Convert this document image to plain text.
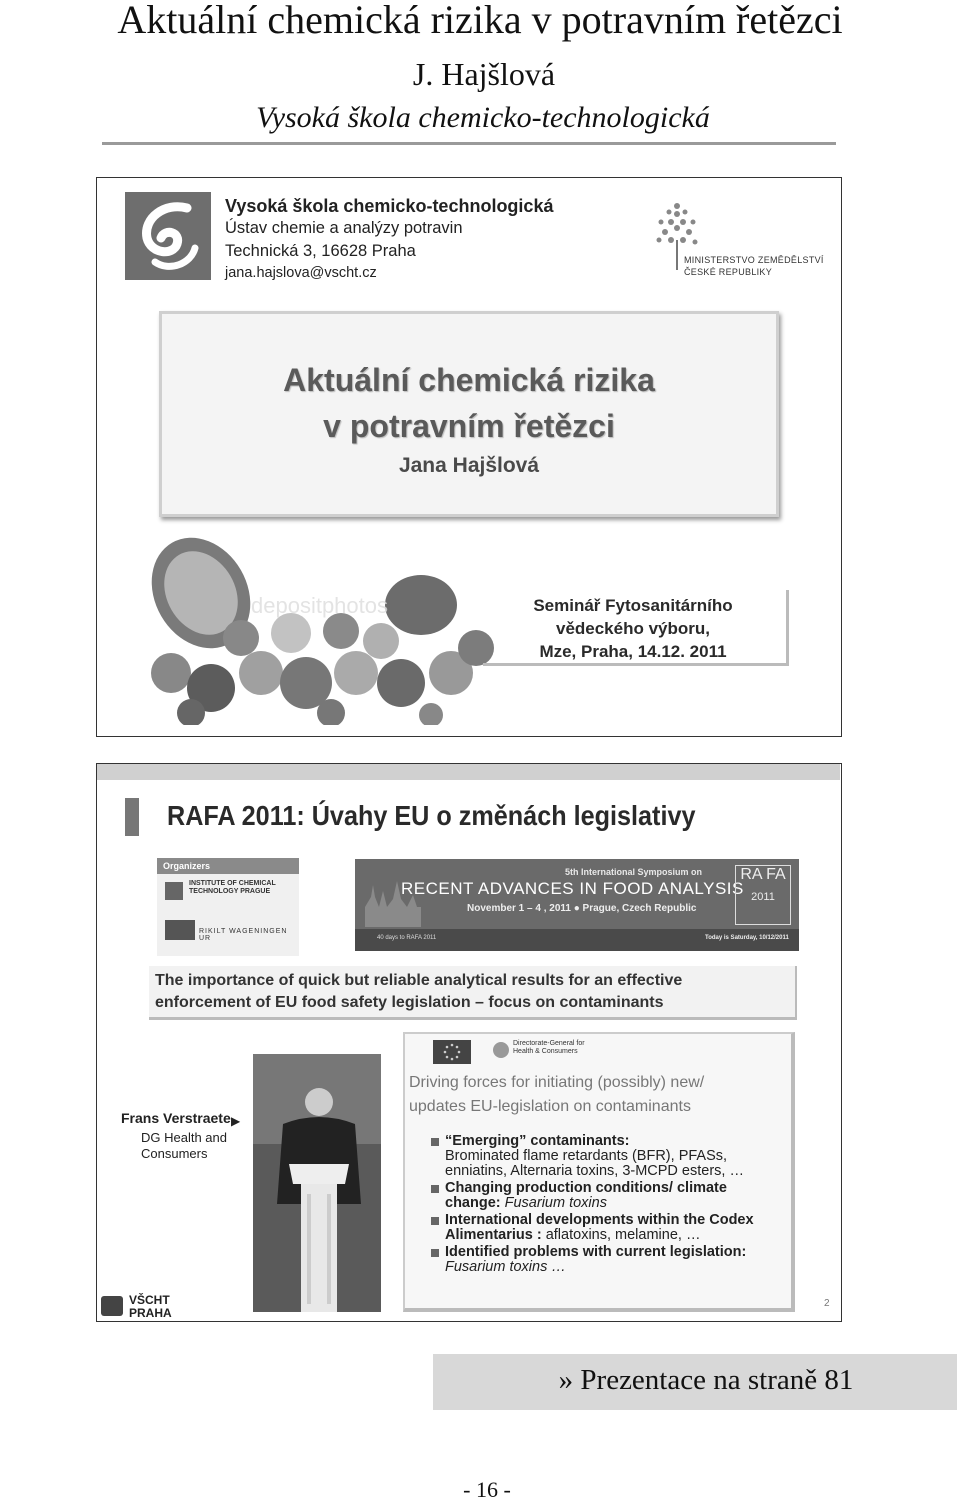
Aktuální chemická rizika v potravním řetězci
J. Hajšlová
Vysoká škola chemicko-technologická
Vysoká škola chemicko-technologická
Ústav chemie a analýzy potravin
Technická 3, 16628 Praha
jana.hajslova@vscht.cz
MINISTERSTVO ZEMĚDĚLSTVÍ
ČESKÉ REPUBLIKY
Aktuální chemická rizika
v potravním řetězci
Jana Hajšlová
depositphotos	Seminář Fytosanitárního
vědeckého výboru,
Mze, Praha, 14.12. 2011
RAFA 2011: Úvahy EU o změnách legislativy
Organizers
INSTITUTE OF CHEMICAL TECHNOLOGY PRAGUE
RIKILT WAGENINGEN UR
5th International Symposium on
RECENT ADVANCES IN FOOD ANALYSIS
November 1 – 4 , 2011 ● Prague, Czech Republic
40 days to RAFA 2011	Today is Saturday, 10/12/2011
RA FA
2011
The importance of quick but reliable analytical results for an effective
enforcement of EU food safety legislation – focus on contaminants
Frans Verstraete ▶
DG Health and
Consumers
VŠCHT
PRAHA
Directorate-General for Health & Consumers
Driving forces for initiating (possibly) new/
updates EU-legislation on contaminants
“Emerging” contaminants:
Brominated flame retardants (BFR), PFASs, enniatins, Alternaria toxins, 3-MCPD esters, …
Changing production conditions/ climate change: Fusarium toxins
International developments within the Codex Alimentarius : aflatoxins, melamine, …
Identified problems with current legislation: Fusarium toxins …
2
» Prezentace na straně 81
- 16 -
